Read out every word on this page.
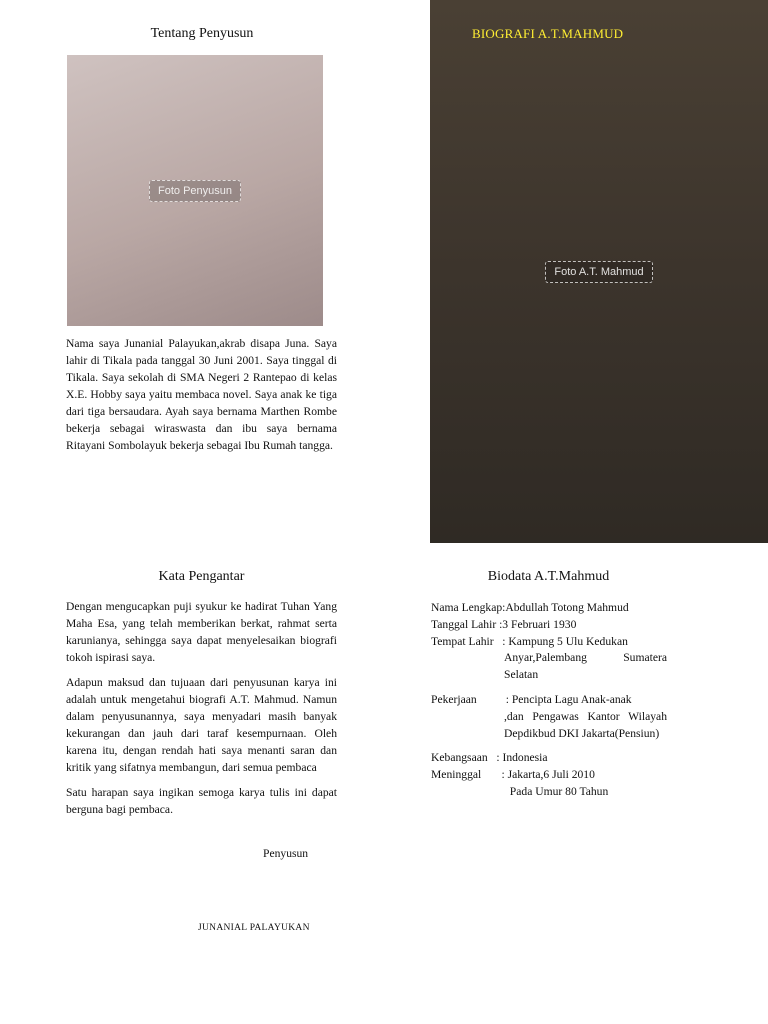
Tentang Penyusun
Foto Penyusun

Nama saya Junanial Palayukan,akrab disapa Juna. Saya lahir di Tikala pada tanggal 30 Juni 2001. Saya tinggal di Tikala. Saya sekolah di SMA Negeri 2 Rantepao di kelas X.E. Hobby saya yaitu membaca novel. Saya anak ke tiga dari tiga bersaudara. Ayah saya bernama Marthen Rombe bekerja sebagai wiraswasta dan ibu saya bernama Ritayani Sombolayuk bekerja sebagai Ibu Rumah tangga.

Foto A.T. Mahmud
BIOGRAFI A.T.MAHMUD
Kata Pengantar

Dengan mengucapkan puji syukur ke hadirat Tuhan Yang Maha Esa, yang telah memberikan berkat, rahmat serta karunianya, sehingga saya dapat menyelesaikan biografi tokoh ispirasi saya.

Adapun maksud dan tujuaan dari penyusunan karya ini adalah untuk mengetahui biografi A.T. Mahmud. Namun dalam penyusunannya, saya menyadari masih banyak kekurangan dan jauh dari taraf kesempurnaan. Oleh karena itu, dengan rendah hati saya menanti saran dan kritik yang sifatnya membangun, dari semua pembaca

Satu harapan saya ingikan semoga karya tulis ini dapat berguna bagi pembaca.

Penyusun
JUNANIAL PALAYUKAN
Biodata A.T.Mahmud
Nama Lengkap :Abdullah Totong Mahmud
Tanggal Lahir :3 Februari 1930
Tempat Lahir : Kampung 5 Ulu Kedukan
Anyar,Palembang Sumatera Selatan
Pekerjaan : Pencipta Lagu Anak-anak
,dan Pengawas Kantor Wilayah Depdikbud DKI Jakarta(Pensiun)
Kebangsaan : Indonesia
Meninggal : Jakarta,6 Juli 2010
Pada Umur 80 Tahun
